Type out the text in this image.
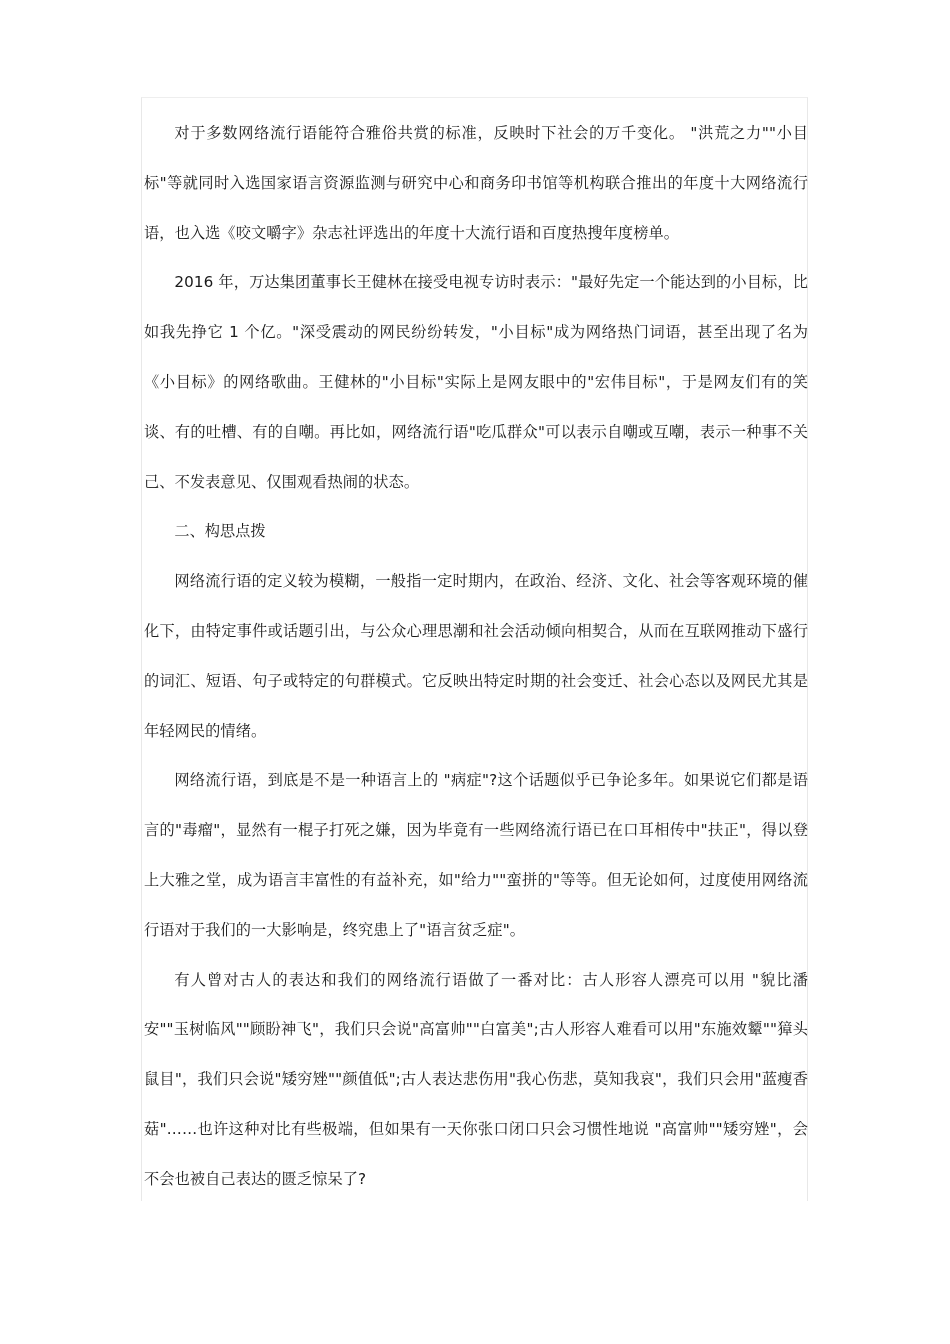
对于多数网络流行语能符合雅俗共赏的标准，反映时下社会的万千变化。 "洪荒之力""小目标"等就同时入选国家语言资源监测与研究中心和商务印书馆等机构联合推出的年度十大网络流行语，也入选《咬文嚼字》杂志社评选出的年度十大流行语和百度热搜年度榜单。

2016 年，万达集团董事长王健林在接受电视专访时表示："最好先定一个能达到的小目标，比如我先挣它 1 个亿。"深受震动的网民纷纷转发，"小目标"成为网络热门词语，甚至出现了名为《小目标》的网络歌曲。王健林的"小目标"实际上是网友眼中的"宏伟目标"，于是网友们有的笑谈、有的吐槽、有的自嘲。再比如，网络流行语"吃瓜群众"可以表示自嘲或互嘲，表示一种事不关己、不发表意见、仅围观看热闹的状态。

二、构思点拨

网络流行语的定义较为模糊，一般指一定时期内，在政治、经济、文化、社会等客观环境的催化下，由特定事件或话题引出，与公众心理思潮和社会活动倾向相契合，从而在互联网推动下盛行的词汇、短语、句子或特定的句群模式。它反映出特定时期的社会变迁、社会心态以及网民尤其是年轻网民的情绪。

网络流行语，到底是不是一种语言上的 "病症"?这个话题似乎已争论多年。如果说它们都是语言的"毒瘤"，显然有一棍子打死之嫌，因为毕竟有一些网络流行语已在口耳相传中"扶正"，得以登上大雅之堂，成为语言丰富性的有益补充，如"给力""蛮拼的"等等。但无论如何，过度使用网络流行语对于我们的一大影响是，终究患上了"语言贫乏症"。

有人曾对古人的表达和我们的网络流行语做了一番对比：古人形容人漂亮可以用 "貌比潘安""玉树临风""顾盼神飞"，我们只会说"高富帅""白富美";古人形容人难看可以用"东施效颦""獐头鼠目"，我们只会说"矮穷矬""颜值低";古人表达悲伤用"我心伤悲，莫知我哀"，我们只会用"蓝瘦香菇"……也许这种对比有些极端，但如果有一天你张口闭口只会习惯性地说 "高富帅""矮穷矬"，会不会也被自己表达的匮乏惊呆了?
